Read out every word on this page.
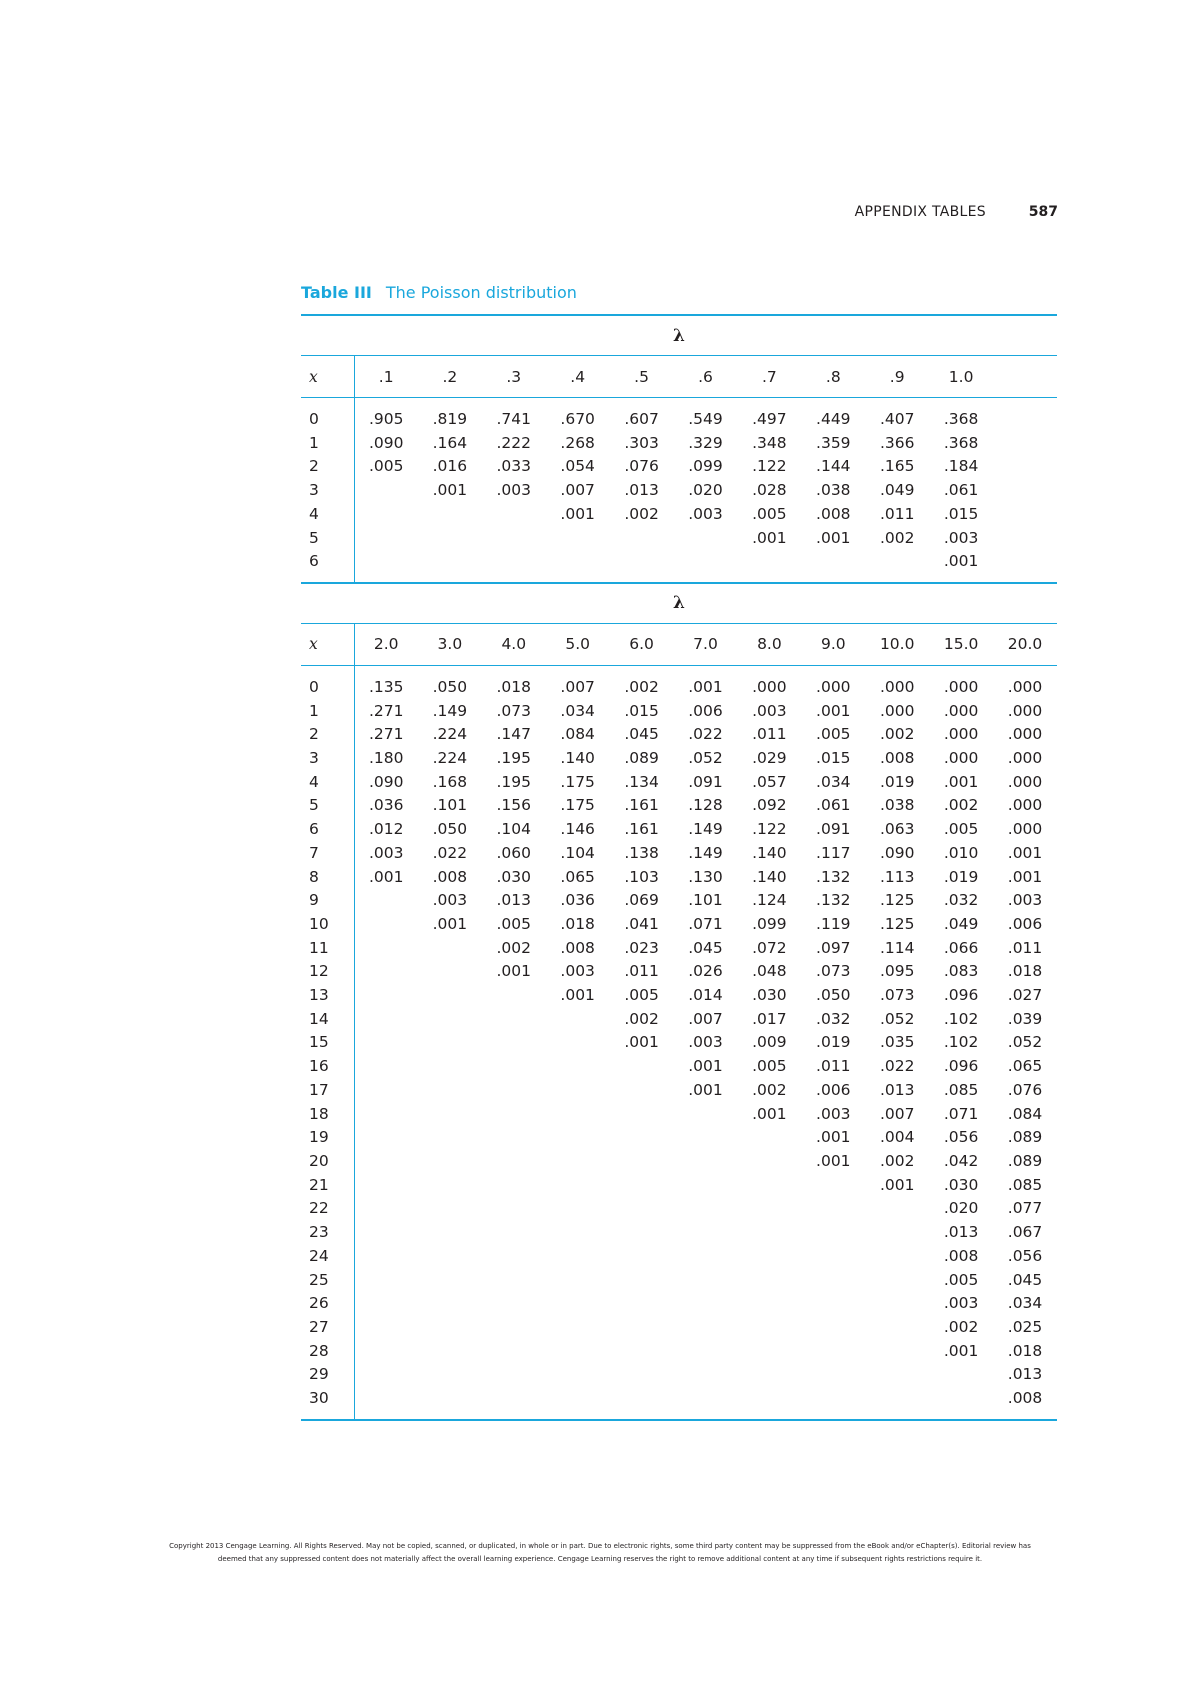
APPENDIX TABLES	587
Table III The Poisson distribution
λ											
x	.1	.2	.3	.4	.5	.6	.7	.8	.9	1.0	
0	.905	.819	.741	.670	.607	.549	.497	.449	.407	.368	
1	.090	.164	.222	.268	.303	.329	.348	.359	.366	.368	
2	.005	.016	.033	.054	.076	.099	.122	.144	.165	.184	
3		.001	.003	.007	.013	.020	.028	.038	.049	.061	
4				.001	.002	.003	.005	.008	.011	.015	
5							.001	.001	.002	.003	
6										.001	
λ											
x	2.0	3.0	4.0	5.0	6.0	7.0	8.0	9.0	10.0	15.0	20.0
0	.135	.050	.018	.007	.002	.001	.000	.000	.000	.000	.000
1	.271	.149	.073	.034	.015	.006	.003	.001	.000	.000	.000
2	.271	.224	.147	.084	.045	.022	.011	.005	.002	.000	.000
3	.180	.224	.195	.140	.089	.052	.029	.015	.008	.000	.000
4	.090	.168	.195	.175	.134	.091	.057	.034	.019	.001	.000
5	.036	.101	.156	.175	.161	.128	.092	.061	.038	.002	.000
6	.012	.050	.104	.146	.161	.149	.122	.091	.063	.005	.000
7	.003	.022	.060	.104	.138	.149	.140	.117	.090	.010	.001
8	.001	.008	.030	.065	.103	.130	.140	.132	.113	.019	.001
9		.003	.013	.036	.069	.101	.124	.132	.125	.032	.003
10		.001	.005	.018	.041	.071	.099	.119	.125	.049	.006
11			.002	.008	.023	.045	.072	.097	.114	.066	.011
12			.001	.003	.011	.026	.048	.073	.095	.083	.018
13				.001	.005	.014	.030	.050	.073	.096	.027
14					.002	.007	.017	.032	.052	.102	.039
15					.001	.003	.009	.019	.035	.102	.052
16						.001	.005	.011	.022	.096	.065
17						.001	.002	.006	.013	.085	.076
18							.001	.003	.007	.071	.084
19								.001	.004	.056	.089
20								.001	.002	.042	.089
21									.001	.030	.085
22										.020	.077
23										.013	.067
24										.008	.056
25										.005	.045
26										.003	.034
27										.002	.025
28										.001	.018
29											.013
30											.008
Copyright 2013 Cengage Learning. All Rights Reserved. May not be copied, scanned, or duplicated, in whole or in part. Due to electronic rights, some third party content may be suppressed from the eBook and/or eChapter(s). Editorial review has
deemed that any suppressed content does not materially affect the overall learning experience. Cengage Learning reserves the right to remove additional content at any time if subsequent rights restrictions require it.
